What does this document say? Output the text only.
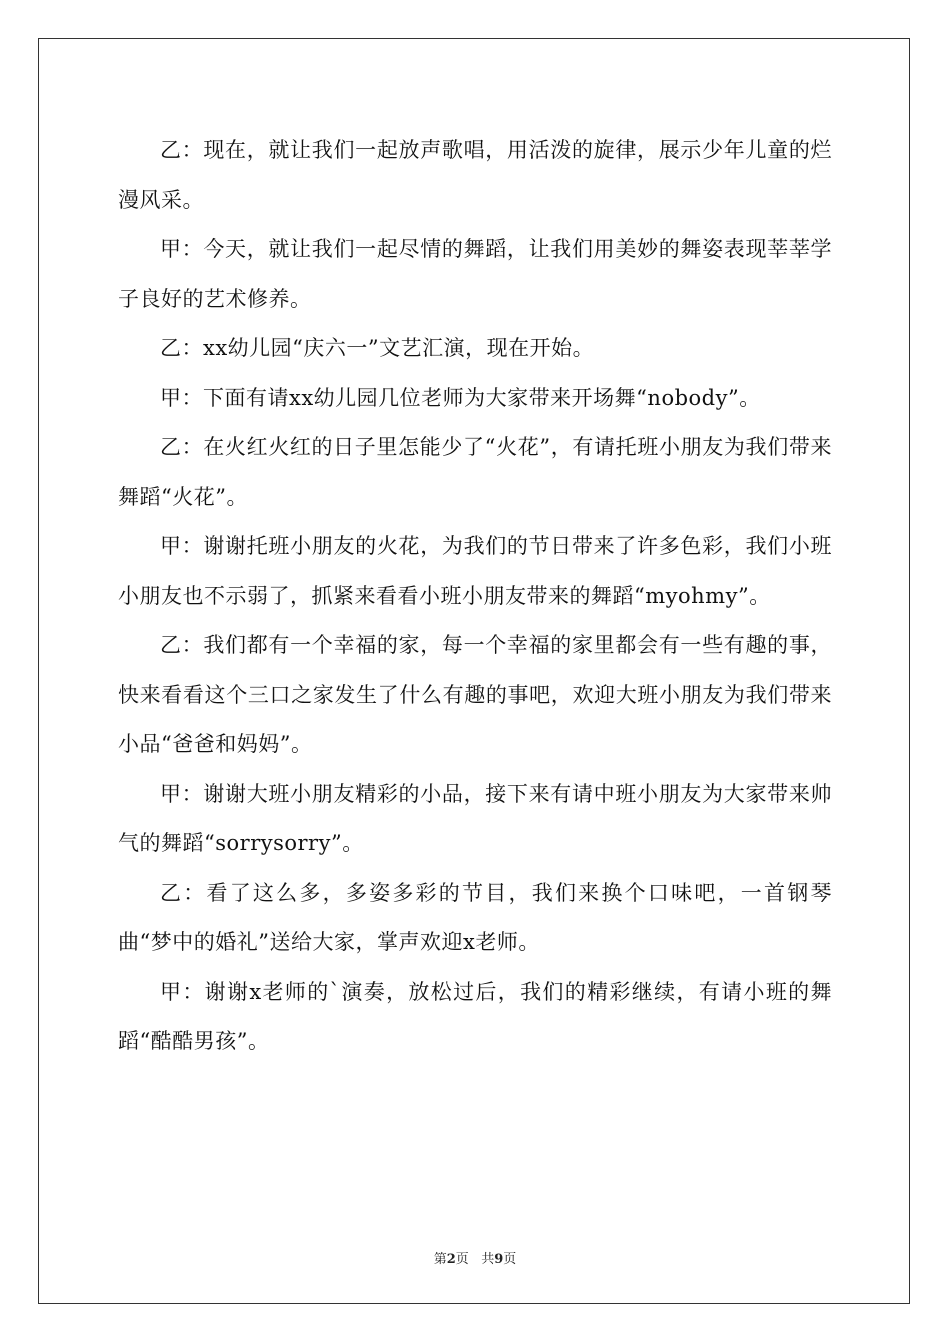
乙：现在，就让我们一起放声歌唱，用活泼的旋律，展示少年儿童的烂漫风采。

甲：今天，就让我们一起尽情的舞蹈，让我们用美妙的舞姿表现莘莘学子良好的艺术修养。

乙：xx幼儿园“庆六一”文艺汇演，现在开始。

甲：下面有请xx幼儿园几位老师为大家带来开场舞“nobody”。

乙：在火红火红的日子里怎能少了“火花”，有请托班小朋友为我们带来舞蹈“火花”。

甲：谢谢托班小朋友的火花，为我们的节日带来了许多色彩，我们小班小朋友也不示弱了，抓紧来看看小班小朋友带来的舞蹈“myohmy”。

乙：我们都有一个幸福的家，每一个幸福的家里都会有一些有趣的事，快来看看这个三口之家发生了什么有趣的事吧，欢迎大班小朋友为我们带来小品“爸爸和妈妈”。

甲：谢谢大班小朋友精彩的小品，接下来有请中班小朋友为大家带来帅气的舞蹈“sorrysorry”。

乙：看了这么多，多姿多彩的节目，我们来换个口味吧，一首钢琴曲“梦中的婚礼”送给大家，掌声欢迎x老师。

甲：谢谢x老师的`演奏，放松过后，我们的精彩继续，有请小班的舞蹈“酷酷男孩”。

第2页 共9页
